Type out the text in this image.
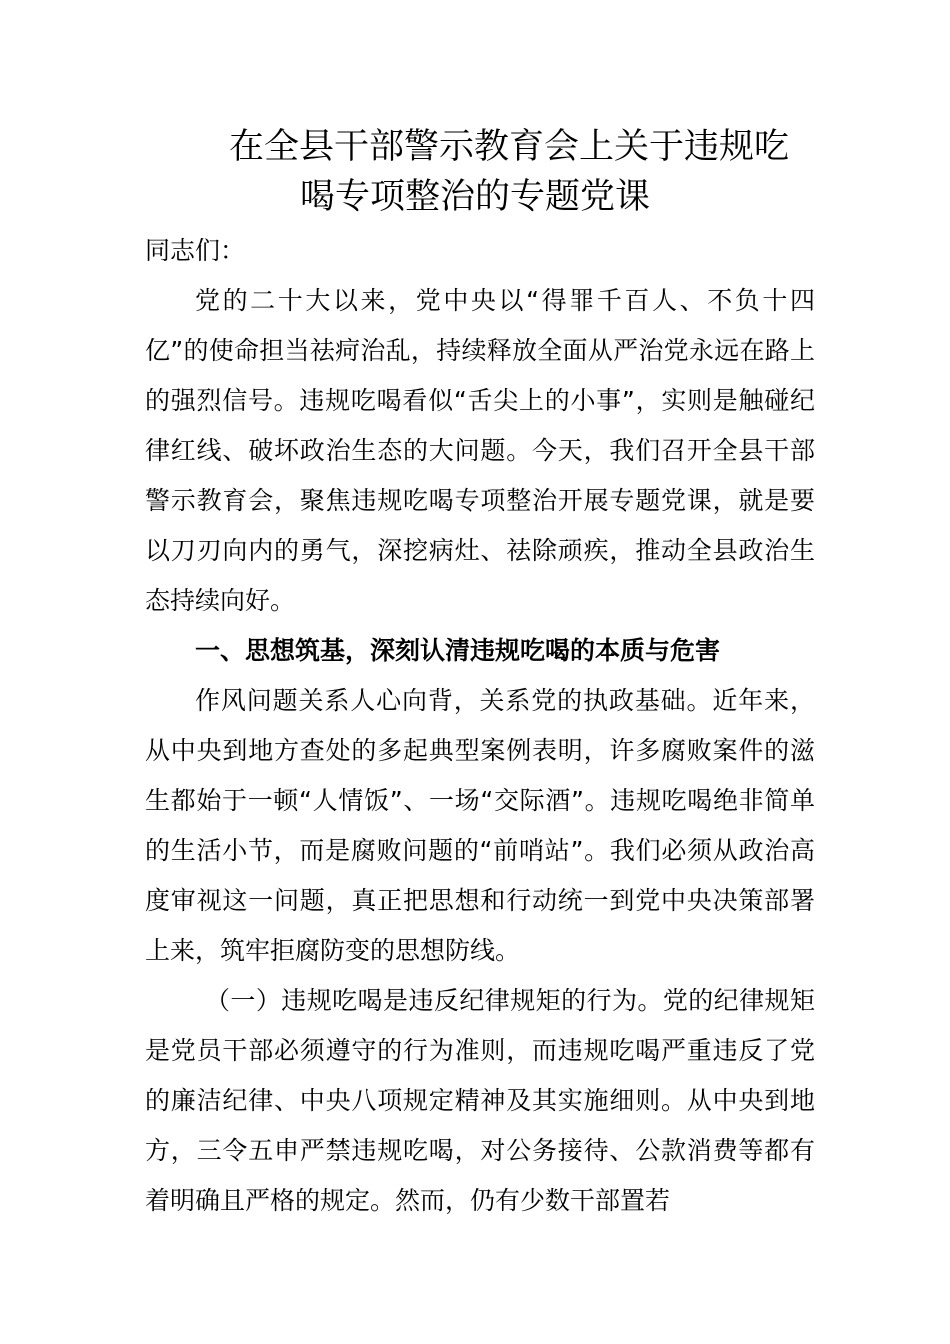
在全县干部警示教育会上关于违规吃
喝专项整治的专题党课

同志们：

党的二十大以来，党中央以“得罪千百人、不负十四亿”的使命担当祛疴治乱，持续释放全面从严治党永远在路上的强烈信号。违规吃喝看似“舌尖上的小事”，实则是触碰纪律红线、破坏政治生态的大问题。今天，我们召开全县干部警示教育会，聚焦违规吃喝专项整治开展专题党课，就是要以刀刃向内的勇气，深挖病灶、祛除顽疾，推动全县政治生态持续向好。

一、思想筑基，深刻认清违规吃喝的本质与危害

作风问题关系人心向背，关系党的执政基础。近年来，从中央到地方查处的多起典型案例表明，许多腐败案件的滋生都始于一顿“人情饭”、一场“交际酒”。违规吃喝绝非简单的生活小节，而是腐败问题的“前哨站”。我们必须从政治高度审视这一问题，真正把思想和行动统一到党中央决策部署上来，筑牢拒腐防变的思想防线。

（一）违规吃喝是违反纪律规矩的行为。党的纪律规矩是党员干部必须遵守的行为准则，而违规吃喝严重违反了党的廉洁纪律、中央八项规定精神及其实施细则。从中央到地方，三令五申严禁违规吃喝，对公务接待、公款消费等都有着明确且严格的规定。然而，仍有少数干部置若
